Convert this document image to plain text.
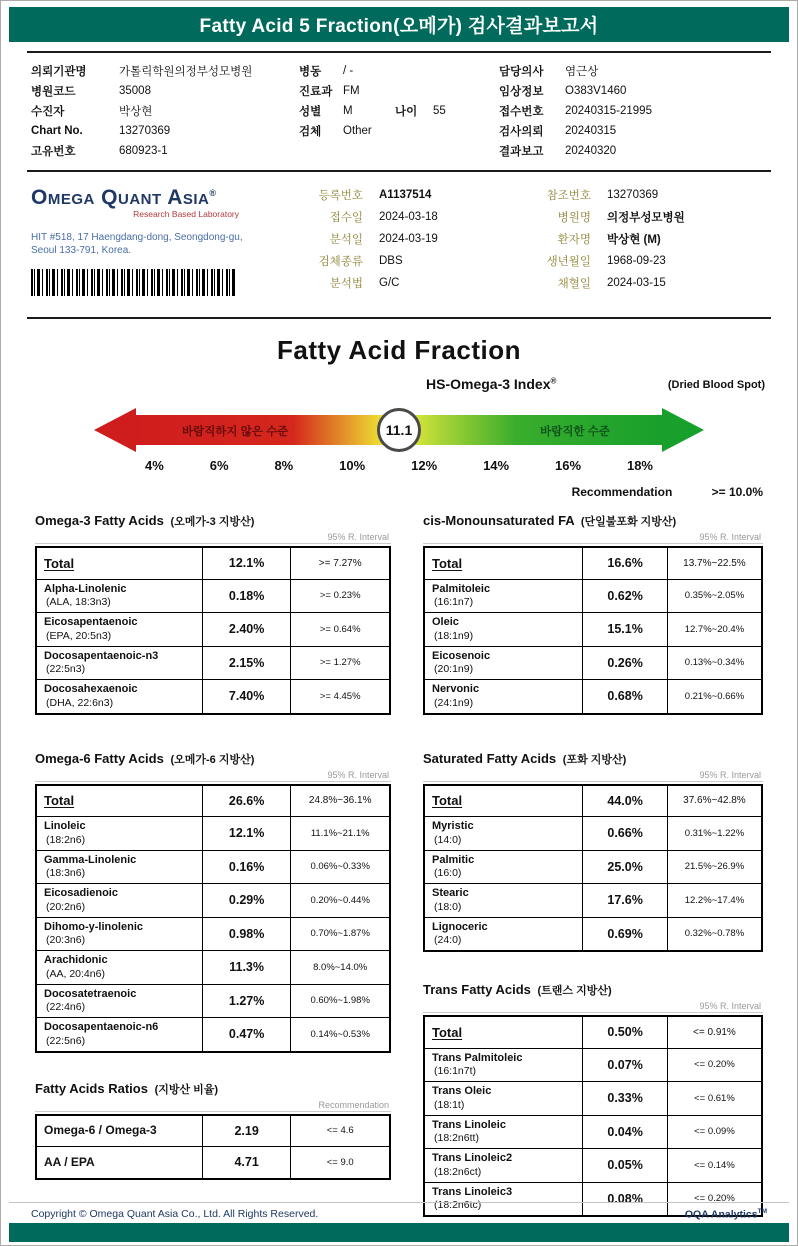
Fatty Acid 5 Fraction(오메가) 검사결과보고서
의뢰기관명	가톨릭학원의정부성모병원
병원코드	35008
수진자	박상현
Chart No.	13270369
고유번호	680923-1
병동	/ -
진료과 FM
성별	M	나이	55
검체	Other
담당의사	염근상
임상정보	O383V1460
접수번호	20240315-21995
검사의뢰	20240315
결과보고	20240320
Omega Quant Asia®
Research Based Laboratory
HIT #518, 17 Haengdang-dong, Seongdong-gu,
Seoul 133-791, Korea.
등록번호 A1137514
접수일 2024-03-18
분석일 2024-03-19
검체종류 DBS
분석법 G/C
참조번호 13270369
병원명 의정부성모병원
환자명 박상현 (M)
생년월일 1968-09-23
채혈일 2024-03-15
Fatty Acid Fraction
HS-Omega-3 Index®	(Dried Blood Spot)
바람직하지 않은 수준	바람직한 수준
11.1
4%	6%	8%	10%	12%	14%	16%	18%
Recommendation	>= 10.0%
Omega-3 Fatty Acids (오메가-3 지방산)
95% R. Interval
Total	12.1%	>= 7.27%

Alpha-Linolenic
(ALA, 18:3n3)	0.18%	>= 0.23%

Eicosapentaenoic
(EPA, 20:5n3)	2.40%	>= 0.64%

Docosapentaenoic-n3
(22:5n3)	2.15%	>= 1.27%

Docosahexaenoic
(DHA, 22:6n3)	7.40%	>= 4.45%
Omega-6 Fatty Acids (오메가-6 지방산)
95% R. Interval
Total	26.6%	24.8%~36.1%

Linoleic
(18:2n6)	12.1%	11.1%~21.1%

Gamma-Linolenic
(18:3n6)	0.16%	0.06%~0.33%

Eicosadienoic
(20:2n6)	0.29%	0.20%~0.44%

Dihomo-y-linolenic
(20:3n6)	0.98%	0.70%~1.87%

Arachidonic
(AA, 20:4n6)	11.3%	8.0%~14.0%

Docosatetraenoic
(22:4n6)	1.27%	0.60%~1.98%

Docosapentaenoic-n6
(22:5n6)	0.47%	0.14%~0.53%
Fatty Acids Ratios (지방산 비율)
Recommendation
Omega-6 / Omega-3	2.19	<= 4.6

AA / EPA	4.71	<= 9.0
cis-Monounsaturated FA (단일불포화 지방산)
95% R. Interval
Total	16.6%	13.7%~22.5%

Palmitoleic
(16:1n7)	0.62%	0.35%~2.05%

Oleic
(18:1n9)	15.1%	12.7%~20.4%

Eicosenoic
(20:1n9)	0.26%	0.13%~0.34%

Nervonic
(24:1n9)	0.68%	0.21%~0.66%
Saturated Fatty Acids (포화 지방산)
95% R. Interval
Total	44.0%	37.6%~42.8%

Myristic
(14:0)	0.66%	0.31%~1.22%

Palmitic
(16:0)	25.0%	21.5%~26.9%

Stearic
(18:0)	17.6%	12.2%~17.4%

Lignoceric
(24:0)	0.69%	0.32%~0.78%
Trans Fatty Acids (트랜스 지방산)
95% R. Interval
Total	0.50%	<= 0.91%

Trans Palmitoleic
(16:1n7t)	0.07%	<= 0.20%

Trans Oleic
(18:1t)	0.33%	<= 0.61%

Trans Linoleic
(18:2n6tt)	0.04%	<= 0.09%

Trans Linoleic2
(18:2n6ct)	0.05%	<= 0.14%

Trans Linoleic3
(18:2n6tc)	0.08%	<= 0.20%
Copyright © Omega Quant Asia Co., Ltd. All Rights Reserved.	OQA Analytics™
